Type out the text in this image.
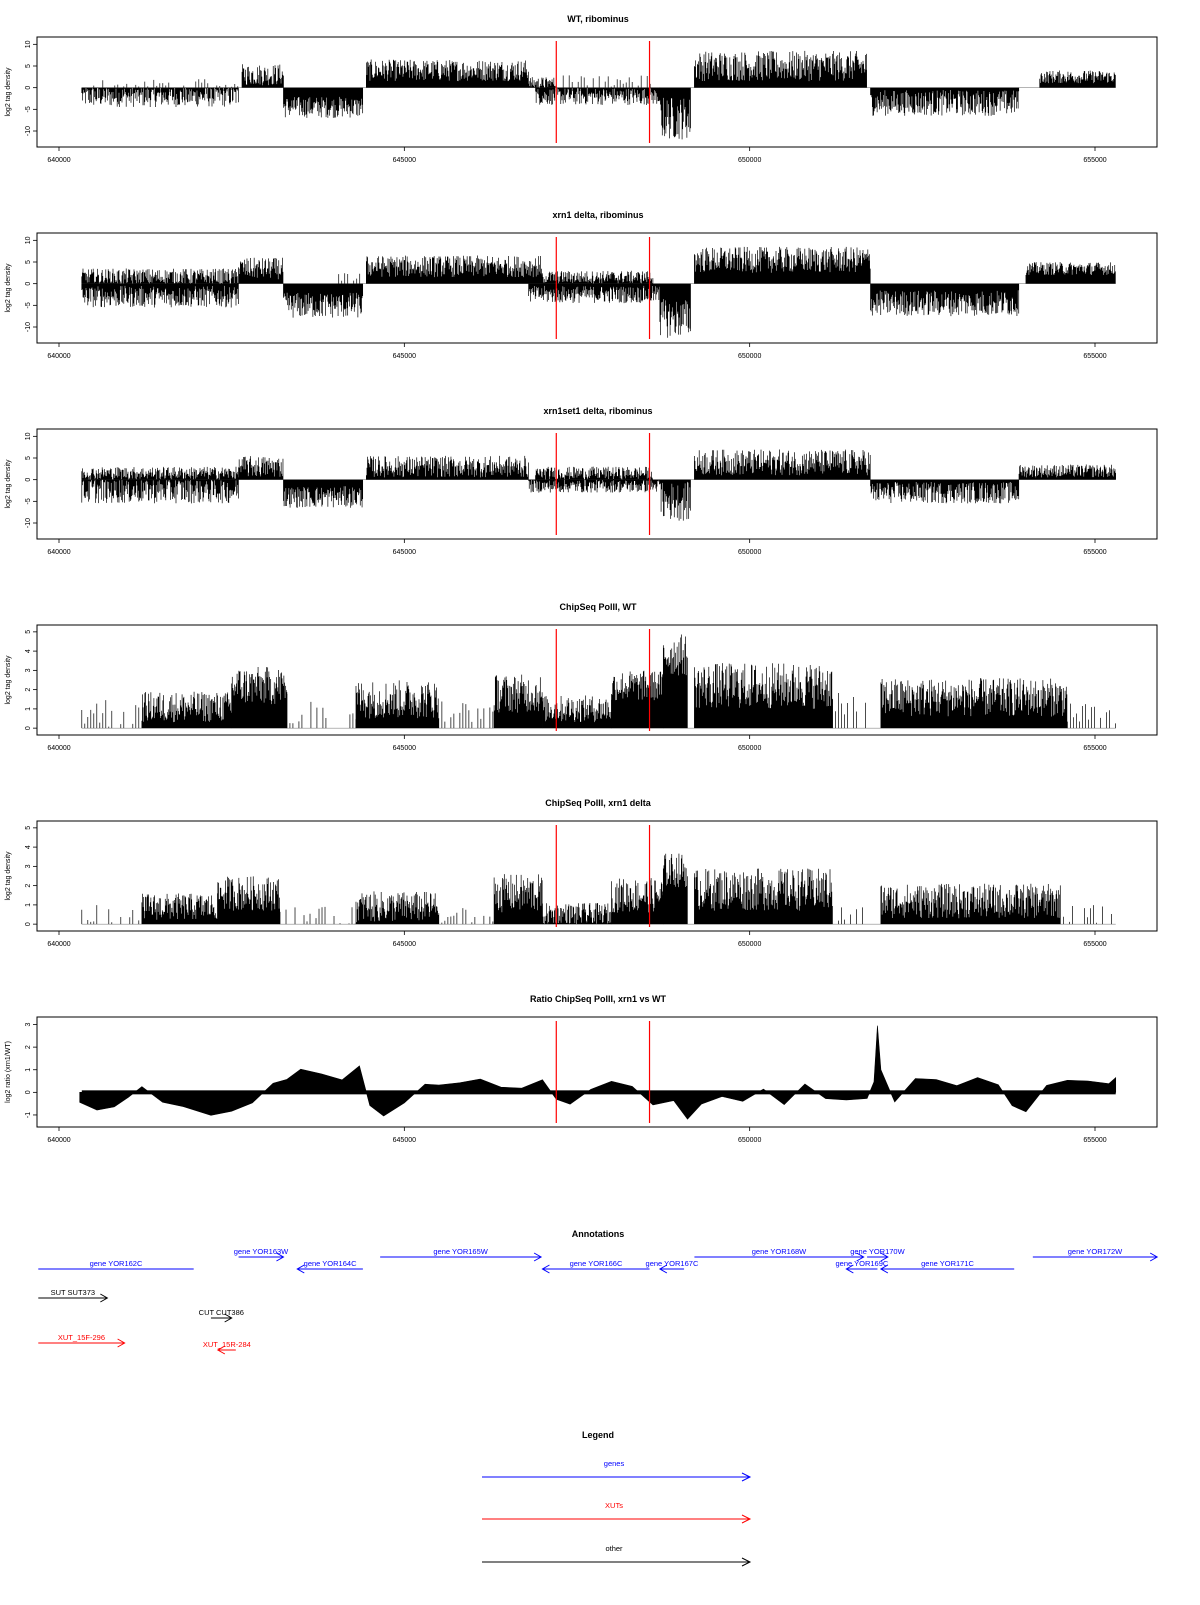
WT, ribominus
log2 tag density
10
5
0
-5
-10
640000	645000	650000	655000
xrn1 delta, ribominus
log2 tag density
10
5
0
-5
-10
640000	645000	650000	655000
xrn1set1 delta, ribominus
log2 tag density
10
5
0
-5
-10
640000	645000	650000	655000
ChipSeq PolII, WT
log2 tag density
0
1
2
3
4
5
640000	645000	650000	655000
ChipSeq PolII, xrn1 delta
log2 tag density
0
1
2
3
4
5
640000	645000	650000	655000
Ratio ChipSeq PolII, xrn1 vs WT
log2 ratio (xrn1/WT)
3
2
1
0
-1
640000	645000	650000	655000
Annotations
gene YOR162C
gene YOR163W
gene YOR164C
gene YOR165W
gene YOR166C	gene YOR167C
gene YOR168W
gene YOR169C
gene YOR170W
gene YOR171C
gene YOR172W
SUT SUT373
CUT CUT386
XUT_15F-296
XUT_15R-284
Legend
genes
XUTs
other
